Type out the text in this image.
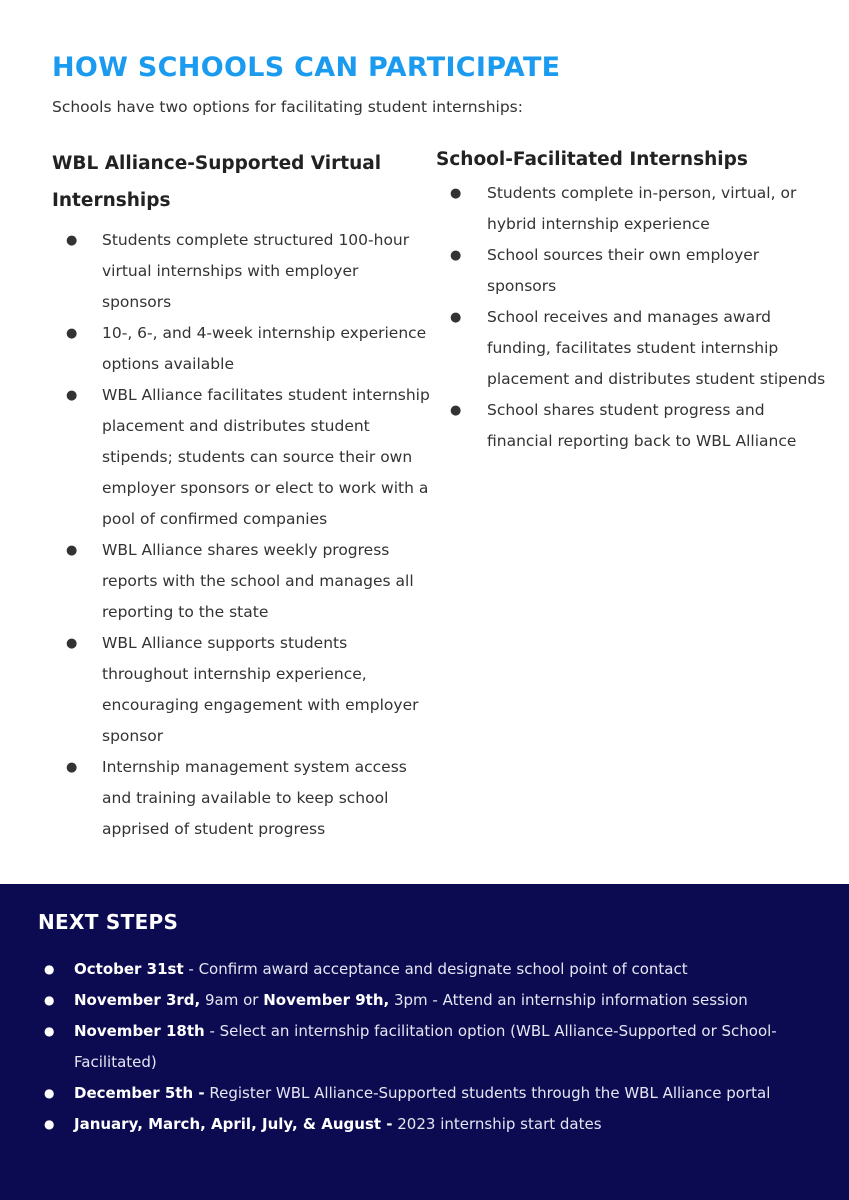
HOW SCHOOLS CAN PARTICIPATE

Schools have two options for facilitating student internships:

WBL Alliance-Supported Virtual
Internships
● Students complete structured 100-hour virtual internships with employer sponsors
● 10-, 6-, and 4-week internship experience options available
● WBL Alliance facilitates student internship placement and distributes student stipends; students can source their own employer sponsors or elect to work with a pool of confirmed companies
● WBL Alliance shares weekly progress reports with the school and manages all reporting to the state
● WBL Alliance supports students throughout internship experience, encouraging engagement with employer sponsor
● Internship management system access and training available to keep school apprised of student progress
School-Facilitated Internships
● Students complete in-person, virtual, or hybrid internship experience
● School sources their own employer sponsors
● School receives and manages award funding, facilitates student internship placement and distributes student stipends
● School shares student progress and financial reporting back to WBL Alliance
NEXT STEPS
● October 31st - Confirm award acceptance and designate school point of contact
● November 3rd, 9am or November 9th, 3pm - Attend an internship information session
● November 18th - Select an internship facilitation option (WBL Alliance-Supported or School-Facilitated)
● December 5th - Register WBL Alliance-Supported students through the WBL Alliance portal
● January, March, April, July, & August - 2023 internship start dates
